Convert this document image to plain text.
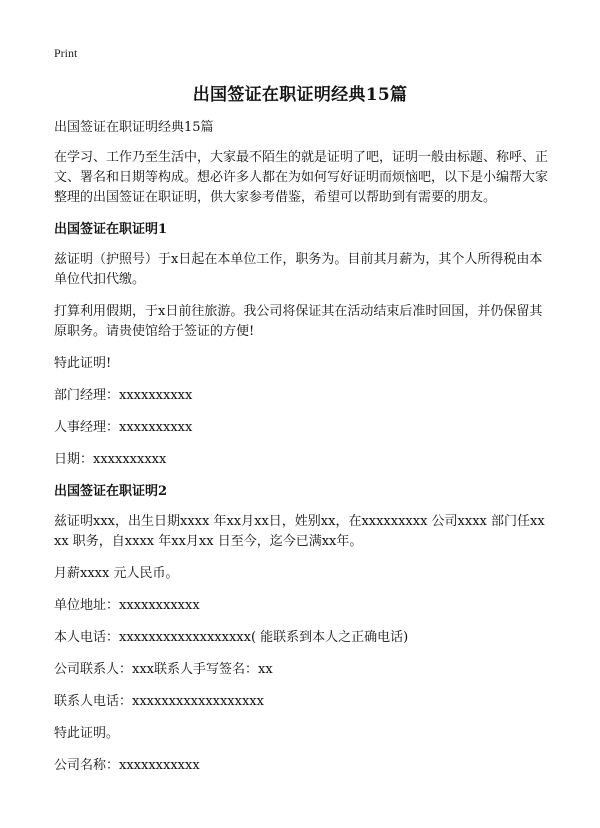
Print
出国签证在职证明经典15篇

出国签证在职证明经典15篇

在学习、工作乃至生活中，大家最不陌生的就是证明了吧，证明一般由标题、称呼、正文、署名和日期等构成。想必许多人都在为如何写好证明而烦恼吧，以下是小编帮大家整理的出国签证在职证明，供大家参考借鉴，希望可以帮助到有需要的朋友。

出国签证在职证明1

兹证明（护照号）于x日起在本单位工作，职务为。目前其月薪为，其个人所得税由本单位代扣代缴。

打算利用假期，于x日前往旅游。我公司将保证其在活动结束后准时回国，并仍保留其原职务。请贵使馆给于签证的方便!

特此证明!

部门经理：xxxxxxxxxx

人事经理：xxxxxxxxxx

日期：xxxxxxxxxx

出国签证在职证明2

兹证明xxx，出生日期xxxx 年xx月xx日，姓别xx，在xxxxxxxxx 公司xxxx 部门任xxxx 职务，自xxxx 年xx月xx 日至今，迄今已满xx年。

月薪xxxx 元人民币。

单位地址：xxxxxxxxxxx

本人电话：xxxxxxxxxxxxxxxxxx( 能联系到本人之正确电话)

公司联系人：xxx联系人手写签名：xx

联系人电话：xxxxxxxxxxxxxxxxxx

特此证明。

公司名称：xxxxxxxxxxx
